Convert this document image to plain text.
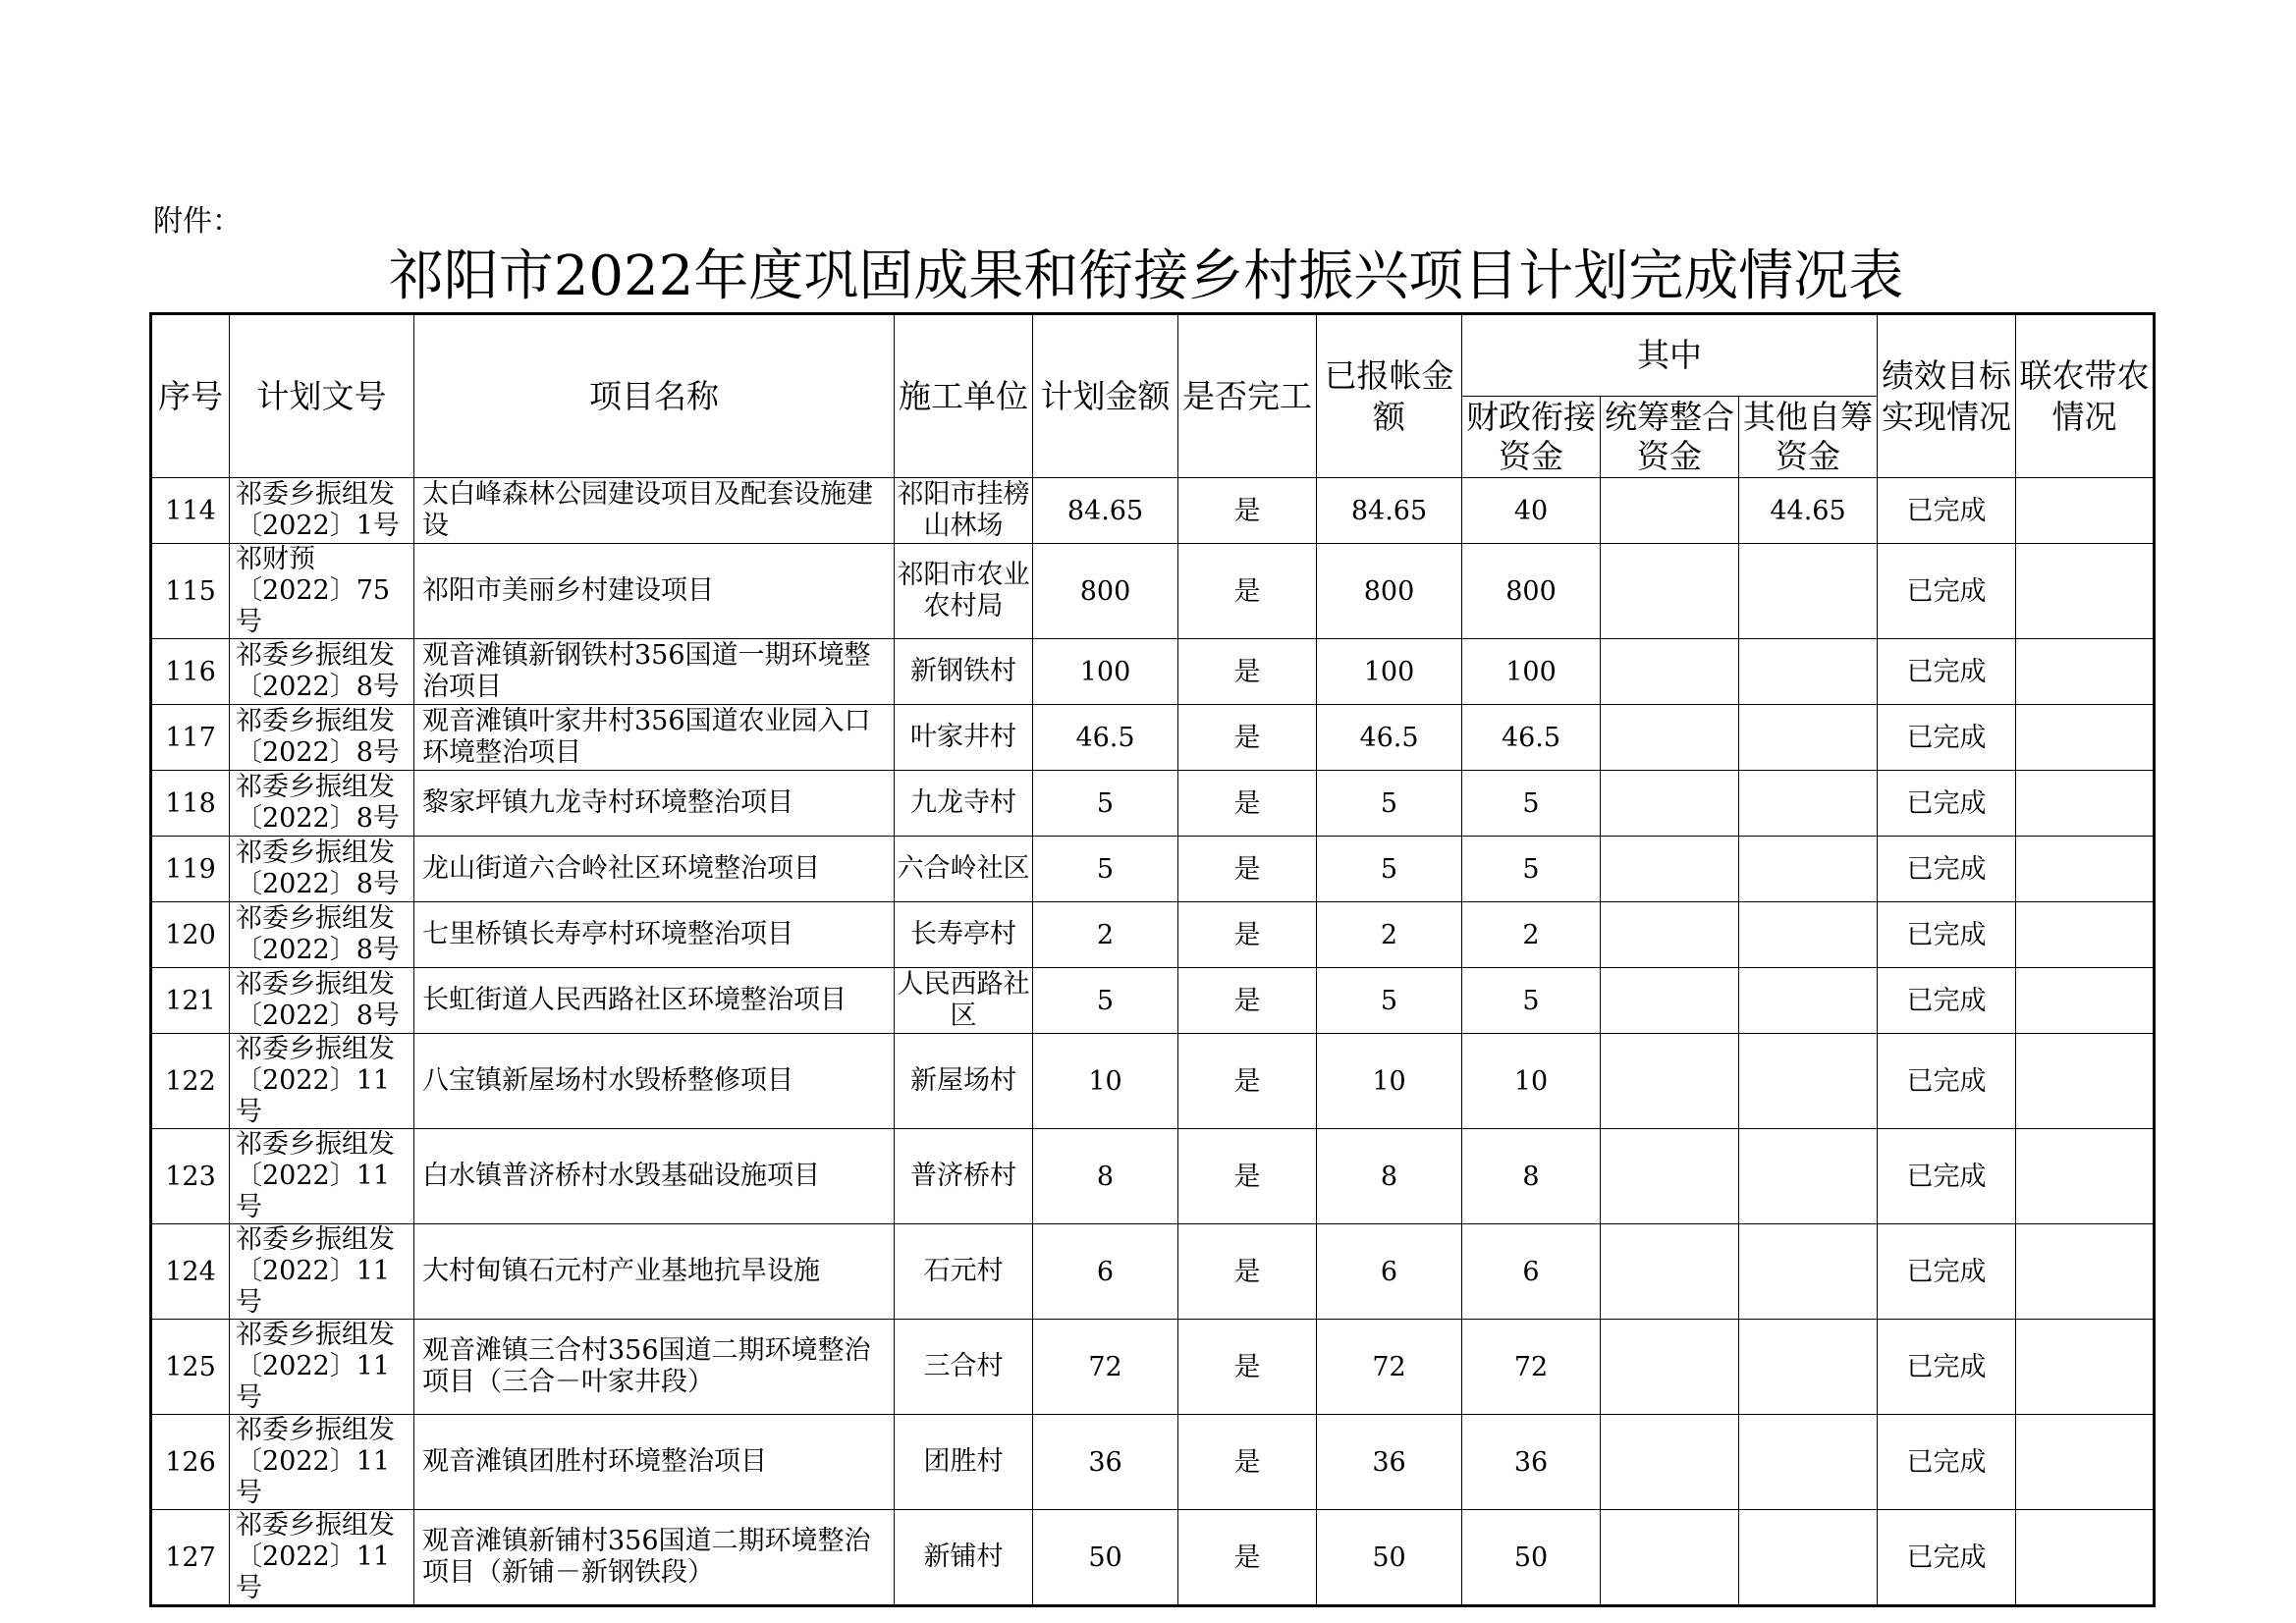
附件：
祁阳市2022年度巩固成果和衔接乡村振兴项目计划完成情况表
序号	计划文号	项目名称	施工单位	计划金额	是否完工	已报帐金额	其中			绩效目标实现情况	联农带农情况
							财政衔接资金	统筹整合资金	其他自筹资金		
114	祁委乡振组发〔2022〕1号	太白峰森林公园建设项目及配套设施建设	祁阳市挂榜山林场	84.65	是	84.65	40		44.65	已完成	
115	祁财预〔2022〕75号	祁阳市美丽乡村建设项目	祁阳市农业农村局	800	是	800	800			已完成	
116	祁委乡振组发〔2022〕8号	观音滩镇新钢铁村356国道一期环境整治项目	新钢铁村	100	是	100	100			已完成	
117	祁委乡振组发〔2022〕8号	观音滩镇叶家井村356国道农业园入口环境整治项目	叶家井村	46.5	是	46.5	46.5			已完成	
118	祁委乡振组发〔2022〕8号	黎家坪镇九龙寺村环境整治项目	九龙寺村	5	是	5	5			已完成	
119	祁委乡振组发〔2022〕8号	龙山街道六合岭社区环境整治项目	六合岭社区	5	是	5	5			已完成	
120	祁委乡振组发〔2022〕8号	七里桥镇长寿亭村环境整治项目	长寿亭村	2	是	2	2			已完成	
121	祁委乡振组发〔2022〕8号	长虹街道人民西路社区环境整治项目	人民西路社区	5	是	5	5			已完成	
122	祁委乡振组发〔2022〕11号	八宝镇新屋场村水毁桥整修项目	新屋场村	10	是	10	10			已完成	
123	祁委乡振组发〔2022〕11号	白水镇普济桥村水毁基础设施项目	普济桥村	8	是	8	8			已完成	
124	祁委乡振组发〔2022〕11号	大村甸镇石元村产业基地抗旱设施	石元村	6	是	6	6			已完成	
125	祁委乡振组发〔2022〕11号	观音滩镇三合村356国道二期环境整治项目（三合－叶家井段）	三合村	72	是	72	72			已完成	
126	祁委乡振组发〔2022〕11号	观音滩镇团胜村环境整治项目	团胜村	36	是	36	36			已完成	
127	祁委乡振组发〔2022〕11号	观音滩镇新铺村356国道二期环境整治项目（新铺－新钢铁段）	新铺村	50	是	50	50			已完成	
